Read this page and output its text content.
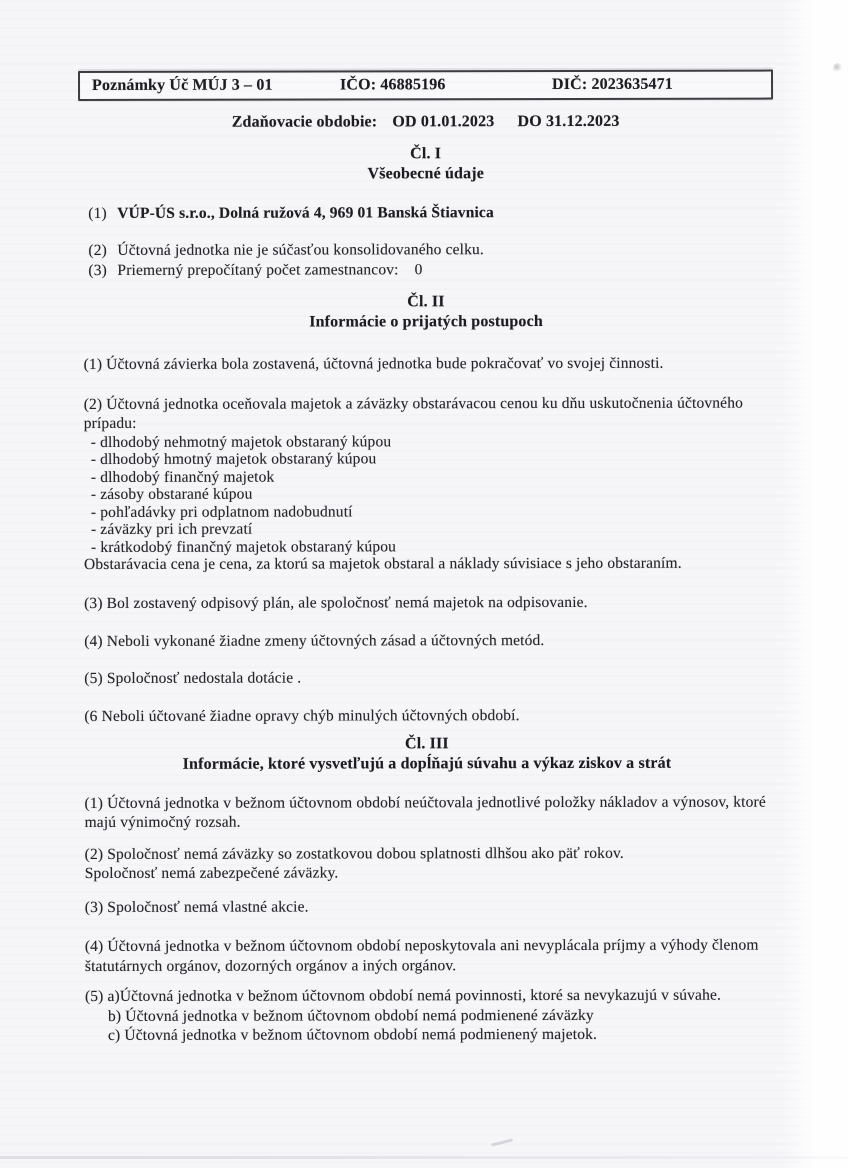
Poznámky Úč MÚJ 3 – 01	IČO: 46885196	DIČ: 2023635471
Zdaňovacie obdobie: OD 01.01.2023 DO 31.12.2023
Čl. I
Všeobecné údaje
(1) VÚP-ÚS s.r.o., Dolná ružová 4, 969 01 Banská Štiavnica
(2) Účtovná jednotka nie je súčasťou konsolidovaného celku.
(3) Priemerný prepočítaný počet zamestnancov: 0
Čl. II
Informácie o prijatých postupoch
(1) Účtovná závierka bola zostavená, účtovná jednotka bude pokračovať vo svojej činnosti.
(2) Účtovná jednotka oceňovala majetok a záväzky obstarávacou cenou ku dňu uskutočnenia účtovného prípadu:
- dlhodobý nehmotný majetok obstaraný kúpou
- dlhodobý hmotný majetok obstaraný kúpou
- dlhodobý finančný majetok
- zásoby obstarané kúpou
- pohľadávky pri odplatnom nadobudnutí
- záväzky pri ich prevzatí
- krátkodobý finančný majetok obstaraný kúpou
Obstarávacia cena je cena, za ktorú sa majetok obstaral a náklady súvisiace s jeho obstaraním.
(3) Bol zostavený odpisový plán, ale spoločnosť nemá majetok na odpisovanie.
(4) Neboli vykonané žiadne zmeny účtovných zásad a účtovných metód.
(5) Spoločnosť nedostala dotácie .
(6 Neboli účtované žiadne opravy chýb minulých účtovných období.
Čl. III
Informácie, ktoré vysvetľujú a dopĺňajú súvahu a výkaz ziskov a strát
(1) Účtovná jednotka v bežnom účtovnom období neúčtovala jednotlivé položky nákladov a výnosov, ktoré majú výnimočný rozsah.
(2) Spoločnosť nemá záväzky so zostatkovou dobou splatnosti dlhšou ako päť rokov.
Spoločnosť nemá zabezpečené záväzky.
(3) Spoločnosť nemá vlastné akcie.
(4) Účtovná jednotka v bežnom účtovnom období neposkytovala ani nevyplácala príjmy a výhody členom štatutárnych orgánov, dozorných orgánov a iných orgánov.
(5) a)Účtovná jednotka v bežnom účtovnom období nemá povinnosti, ktoré sa nevykazujú v súvahe.
b) Účtovná jednotka v bežnom účtovnom období nemá podmienené záväzky
c) Účtovná jednotka v bežnom účtovnom období nemá podmienený majetok.
